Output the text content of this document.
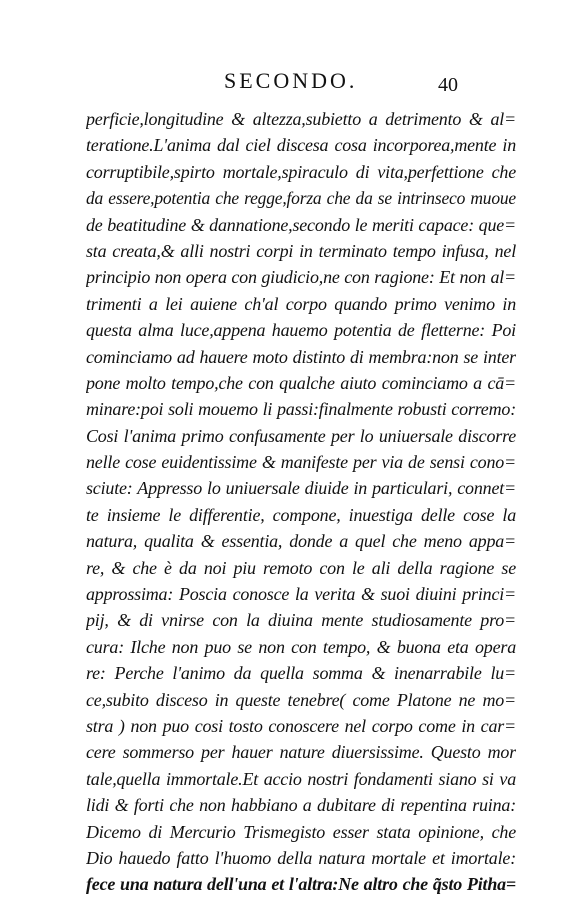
SECONDO.	40
perficie,longitudine & altezza,subietto a detrimento & al=
teratione.L'anima dal ciel discesa cosa incorporea,mente in
corruptibile,spirto mortale,spiraculo di vita,perfettione che
da essere,potentia che regge,forza che da se intrinseco muoue
de beatitudine & dannatione,secondo le meriti capace: que=
sta creata,& alli nostri corpi in terminato tempo infusa, nel
principio non opera con giudicio,ne con ragione: Et non al=
trimenti a lei auiene ch'al corpo quando primo venimo in
questa alma luce,appena hauemo potentia de fletterne: Poi
cominciamo ad hauere moto distinto di membra:non se inter
pone molto tempo,che con qualche aiuto cominciamo a cā=
minare:poi soli mouemo li passi:finalmente robusti corremo:
Cosi l'anima primo confusamente per lo uniuersale discorre
nelle cose euidentissime & manifeste per via de sensi cono=
sciute: Appresso lo uniuersale diuide in particulari, connet=
te insieme le differentie, compone, inuestiga delle cose la
natura, qualita & essentia, donde a quel che meno appa=
re, & che è da noi piu remoto con le ali della ragione se
approssima: Poscia conosce la verita & suoi diuini princi=
pij, & di vnirse con la diuina mente studiosamente pro=
cura: Ilche non puo se non con tempo, & buona eta opera
re: Perche l'animo da quella somma & inenarrabile lu=
ce,subito disceso in queste tenebre( come Platone ne mo=
stra ) non puo cosi tosto conoscere nel corpo come in car=
cere sommerso per hauer nature diuersissime. Questo mor
tale,quella immortale.Et accio nostri fondamenti siano si va
lidi & forti che non habbiano a dubitare di repentina ruina:
Dicemo di Mercurio Trismegisto esser stata opinione, che
Dio hauedo fatto l'huomo della natura mortale et imortale:
fece una natura dell'una et l'altra:Ne altro che q̃sto Pitha=
